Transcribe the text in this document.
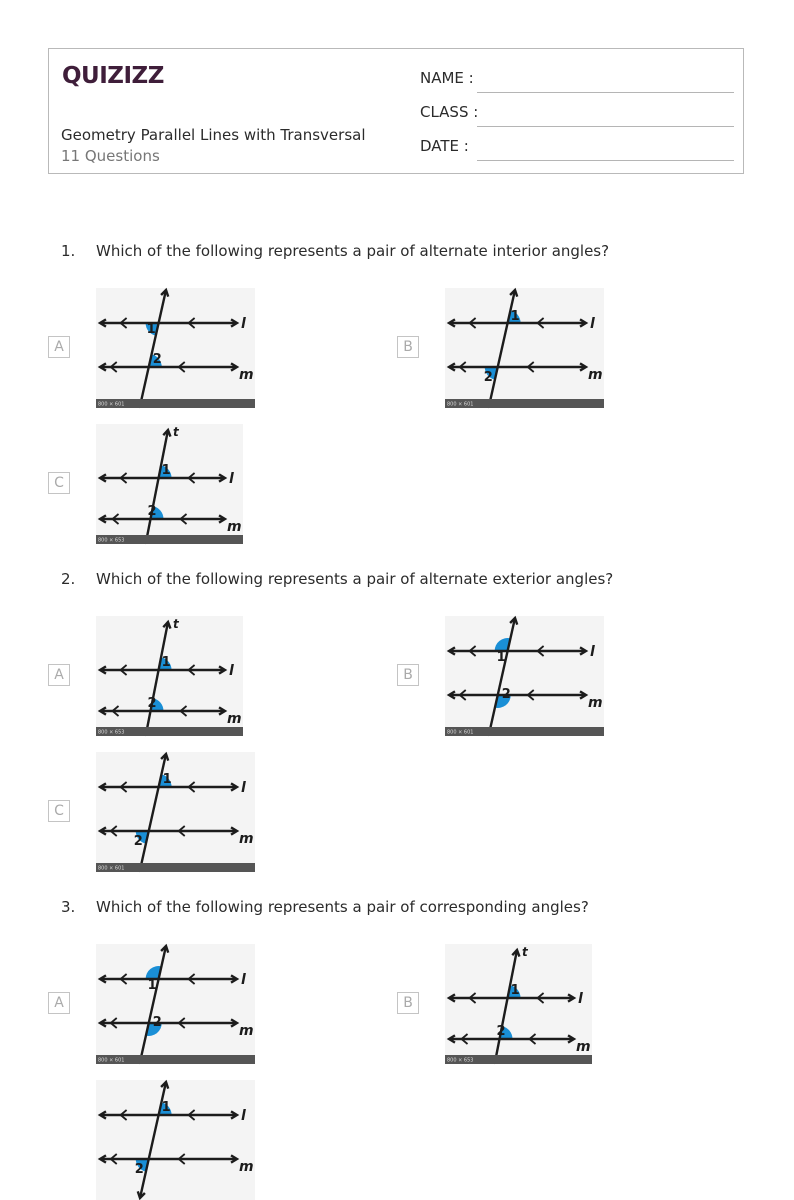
QUIZIZZ
Geometry Parallel Lines with Transversal
11 Questions
NAME :
CLASS :
DATE :
1. Which of the following represents a pair of alternate interior angles?
A
l
m
1
2
800 × 601
B
l
m
1
2
800 × 601
C	l
m
t
1
2
800 × 653
2. Which of the following represents a pair of alternate exterior angles?
A	l
m
t
1
2
800 × 653
B
l
m
1
2
800 × 601
C
l
m
1
2
800 × 601
3. Which of the following represents a pair of corresponding angles?
A
l
m
1
2
800 × 601
B	l
m
t
1
2
800 × 653
l
m
1
2
